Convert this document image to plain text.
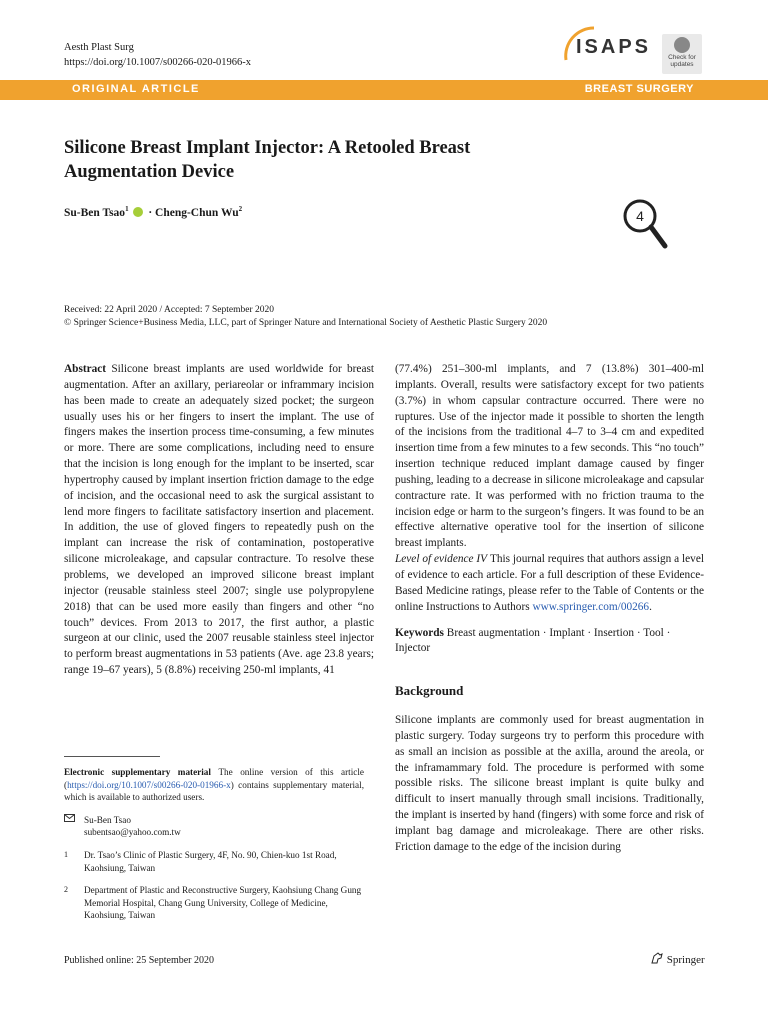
Aesth Plast Surg
https://doi.org/10.1007/s00266-020-01966-x
ISAPS	Check for
updates
ORIGINAL ARTICLE	BREAST SURGERY
Silicone Breast Implant Injector: A Retooled Breast Augmentation Device
Su-Ben Tsao$^1$  · Cheng-Chun Wu$^2$	4
Received: 22 April 2020 / Accepted: 7 September 2020
© Springer Science+Business Media, LLC, part of Springer Nature and International Society of Aesthetic Plastic Surgery 2020

Abstract Silicone breast implants are used worldwide for breast augmentation. After an axillary, periareolar or inframmary incision has been made to create an adequately sized pocket; the surgeon usually uses his or her fingers to insert the implant. The use of fingers makes the insertion process time-consuming, a few minutes or more. There are some complications, including need to ensure that the incision is long enough for the implant to be inserted, scar hypertrophy caused by implant insertion friction damage to the edge of incision, and the occasional need to ask the surgical assistant to lend more fingers to facilitate satisfactory insertion and placement. In addition, the use of gloved fingers to repeatedly push on the implant can increase the risk of contamination, postoperative silicone microleakage, and capsular contracture. To resolve these problems, we developed an improved silicone breast implant injector (reusable stainless steel 2007; single use polypropylene 2018) that can be used more easily than fingers and other “no touch” devices. From 2013 to 2017, the first author, a plastic surgeon at our clinic, used the 2007 reusable stainless steel injector to perform breast augmentations in 53 patients (Ave. age 23.8 years; range 19–67 years), 5 (8.8%) receiving 250-ml implants, 41

(77.4%) 251–300-ml implants, and 7 (13.8%) 301–400-ml implants. Overall, results were satisfactory except for two patients (3.7%) in whom capsular contracture occurred. There were no ruptures. Use of the injector made it possible to shorten the length of the incisions from the traditional 4–7 to 3–4 cm and expedited insertion time from a few minutes to a few seconds. This “no touch” insertion technique reduced implant damage caused by finger pushing, leading to a decrease in silicone microleakage and capsular contracture rate. It was performed with no friction trauma to the incision edge or harm to the surgeon’s fingers. It was found to be an effective alternative operative tool for the insertion of silicone breast implants.

Level of evidence IV This journal requires that authors assign a level of evidence to each article. For a full description of these Evidence-Based Medicine ratings, please refer to the Table of Contents or the online Instructions to Authors www.springer.com/00266.

Keywords Breast augmentation · Implant · Insertion · Tool · Injector

Background

Silicone implants are commonly used for breast augmentation in plastic surgery. Today surgeons try to perform this procedure with as small an incision as possible at the axilla, around the areola, or the inframammary fold. The procedure is performed with some possible risks. The silicone breast implant is quite bulky and difficult to insert manually through small incisions. Traditionally, the implant is inserted by hand (fingers) with some force and risk of implant bag damage and microleakage. There are other risks. Friction damage to the edge of the incision during

Electronic supplementary material The online version of this article (https://doi.org/10.1007/s00266-020-01966-x) contains supplementary material, which is available to authorized users.

Su-Ben Tsao
subentsao@yahoo.com.tw
1	Dr. Tsao’s Clinic of Plastic Surgery, 4F, No. 90, Chien-kuo 1st Road, Kaohsiung, Taiwan
2	Department of Plastic and Reconstructive Surgery, Kaohsiung Chang Gung Memorial Hospital, Chang Gung University, College of Medicine, Kaohsiung, Taiwan
Published online: 25 September 2020	Springer
